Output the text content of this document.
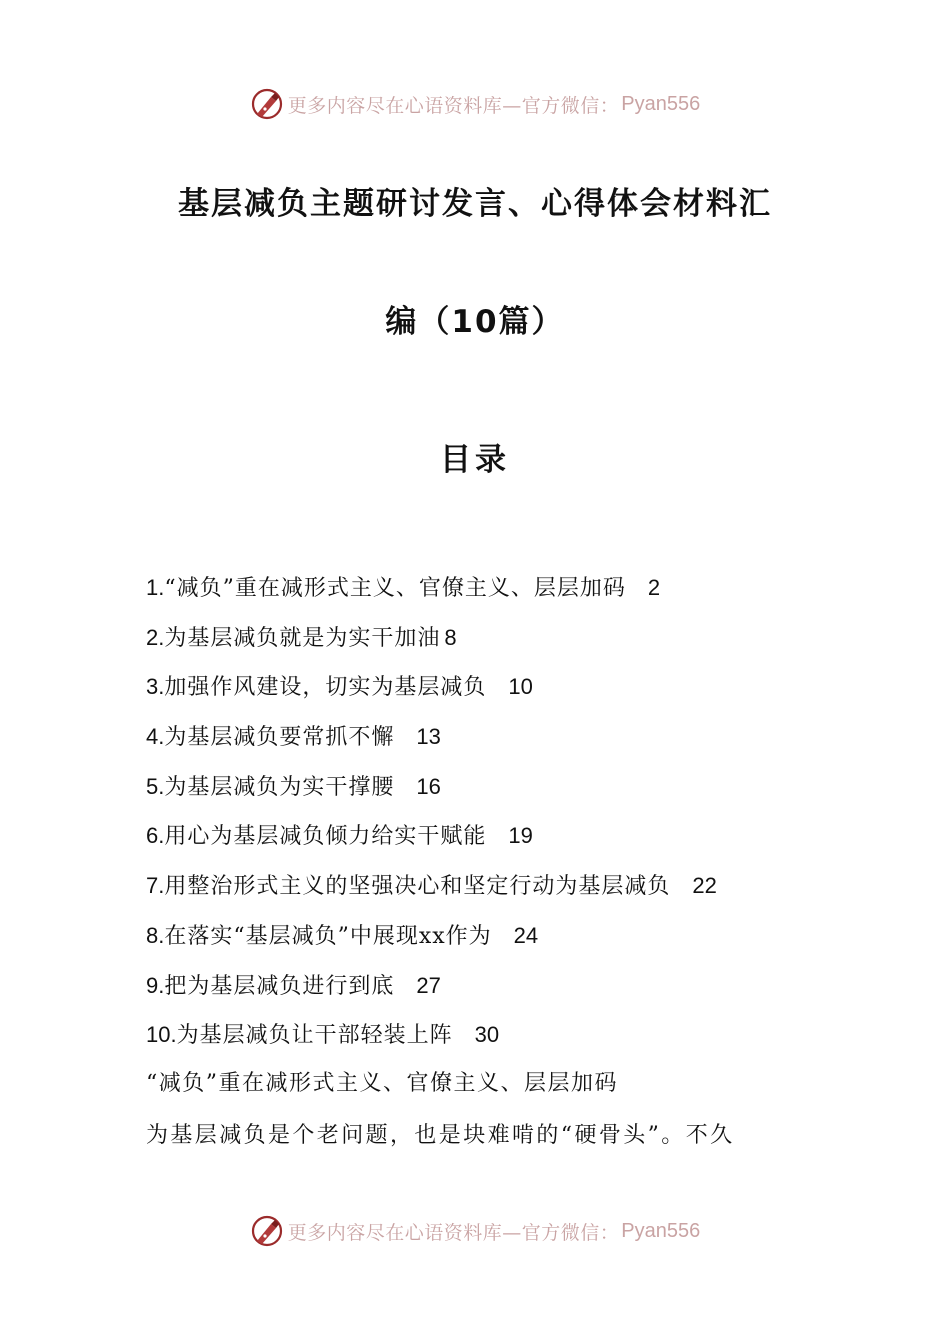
更多内容尽在心语资料库—官方微信： Pyan556
基层减负主题研讨发言、心得体会材料汇
编（10篇）
目录
1.“减负”重在减形式主义、官僚主义、层层加码 2
2.为基层减负就是为实干加油 8
3.加强作风建设，切实为基层减负 10
4.为基层减负要常抓不懈 13
5.为基层减负为实干撑腰 16
6.用心为基层减负倾力给实干赋能 19
7.用整治形式主义的坚强决心和坚定行动为基层减负 22
8.在落实“基层减负”中展现xx作为 24
9.把为基层减负进行到底 27
10.为基层减负让干部轻装上阵 30
“减负”重在减形式主义、官僚主义、层层加码
为基层减负是个老问题，也是块难啃的“硬骨头”。不久
更多内容尽在心语资料库—官方微信： Pyan556
